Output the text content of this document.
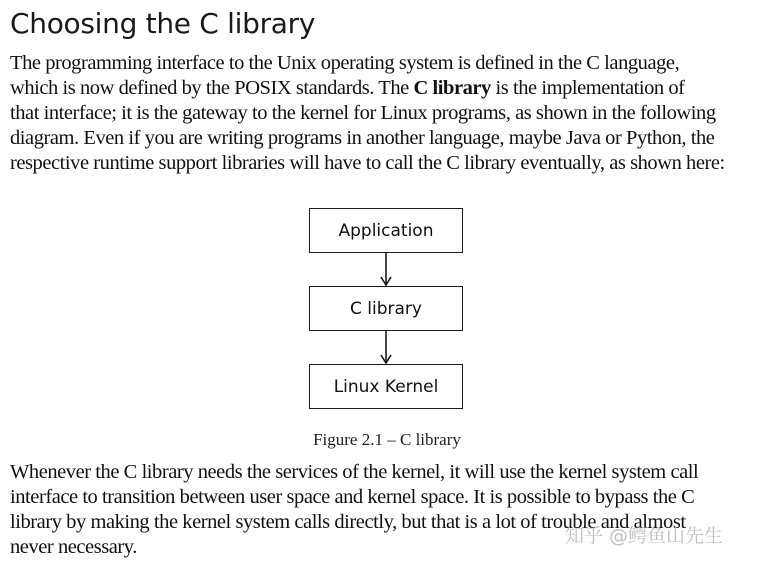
Choosing the C library

The programming interface to the Unix operating system is defined in the C language,
which is now defined by the POSIX standards. The C library is the implementation of
that interface; it is the gateway to the kernel for Linux programs, as shown in the following
diagram. Even if you are writing programs in another language, maybe Java or Python, the
respective runtime support libraries will have to call the C library eventually, as shown here:

Application
C library
Linux Kernel

Figure 2.1 – C library

Whenever the C library needs the services of the kernel, it will use the kernel system call
interface to transition between user space and kernel space. It is possible to bypass the C
library by making the kernel system calls directly, but that is a lot of trouble and almost
never necessary.	知乎 @鳄鱼山先生
